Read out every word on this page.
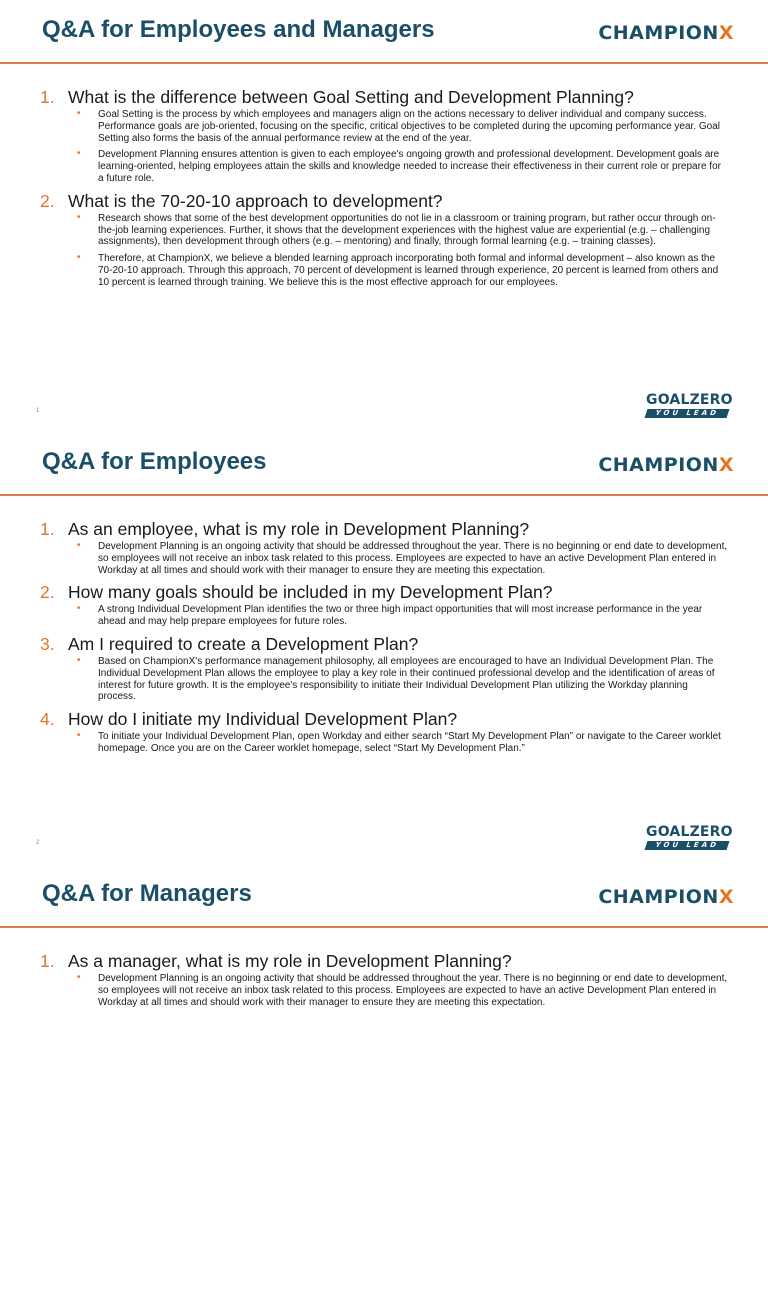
Q&A for Employees and Managers	CHAMPIONX
1. What is the difference between Goal Setting and Development Planning?
• Goal Setting is the process by which employees and managers align on the actions necessary to deliver individual and company success. Performance goals are job-oriented, focusing on the specific, critical objectives to be completed during the upcoming performance year. Goal Setting also forms the basis of the annual performance review at the end of the year.
• Development Planning ensures attention is given to each employee's ongoing growth and professional development. Development goals are learning-oriented, helping employees attain the skills and knowledge needed to increase their effectiveness in their current role or prepare for a future role.
2. What is the 70-20-10 approach to development?
• Research shows that some of the best development opportunities do not lie in a classroom or training program, but rather occur through on-the-job learning experiences. Further, it shows that the development experiences with the highest value are experiential (e.g. – challenging assignments), then development through others (e.g. – mentoring) and finally, through formal learning (e.g. – training classes).
• Therefore, at ChampionX, we believe a blended learning approach incorporating both formal and informal development – also known as the 70-20-10 approach. Through this approach, 70 percent of development is learned through experience, 20 percent is learned from others and 10 percent is learned through training. We believe this is the most effective approach for our employees.
1
GOALZERO
YOU LEAD
Q&A for Employees	CHAMPIONX
1. As an employee, what is my role in Development Planning?
• Development Planning is an ongoing activity that should be addressed throughout the year. There is no beginning or end date to development, so employees will not receive an inbox task related to this process. Employees are expected to have an active Development Plan entered in Workday at all times and should work with their manager to ensure they are meeting this expectation.
2. How many goals should be included in my Development Plan?
• A strong Individual Development Plan identifies the two or three high impact opportunities that will most increase performance in the year ahead and may help prepare employees for future roles.
3. Am I required to create a Development Plan?
• Based on ChampionX's performance management philosophy, all employees are encouraged to have an Individual Development Plan. The Individual Development Plan allows the employee to play a key role in their continued professional develop and the identification of areas of interest for future growth. It is the employee's responsibility to initiate their Individual Development Plan utilizing the Workday planning process.
4. How do I initiate my Individual Development Plan?
• To initiate your Individual Development Plan, open Workday and either search “Start My Development Plan” or navigate to the Career worklet homepage. Once you are on the Career worklet homepage, select “Start My Development Plan.”
2
GOALZERO
YOU LEAD
Q&A for Managers	CHAMPIONX
1. As a manager, what is my role in Development Planning?
• Development Planning is an ongoing activity that should be addressed throughout the year. There is no beginning or end date to development, so employees will not receive an inbox task related to this process. Employees are expected to have an active Development Plan entered in Workday at all times and should work with their manager to ensure they are meeting this expectation.
